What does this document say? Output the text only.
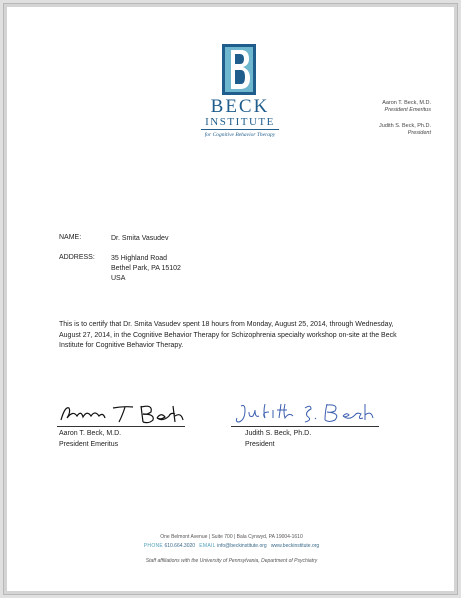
BECK
INSTITUTE
for Cognitive Behavior Therapy
Aaron T. Beck, M.D.
President Emeritus
Judith S. Beck, Ph.D.
President
NAME:	Dr. Smita Vasudev
ADDRESS: 35 Highland Road
Bethel Park, PA 15102
USA
This is to certify that Dr. Smita Vasudev spent 18 hours from Monday, August 25, 2014, through Wednesday, August 27, 2014, in the Cognitive Behavior Therapy for Schizophrenia specialty workshop on-site at the Beck Institute for Cognitive Behavior Therapy.
Aaron T. Beck, M.D.
President Emeritus
Judith S. Beck, Ph.D.
President
One Belmont Avenue | Suite 700 | Bala Cynwyd, PA 19004-1610
PHONE 610.664.3020 EMAIL info@beckinstitute.org www.beckinstitute.org
Staff affiliations with the University of Pennsylvania, Department of Psychiatry
